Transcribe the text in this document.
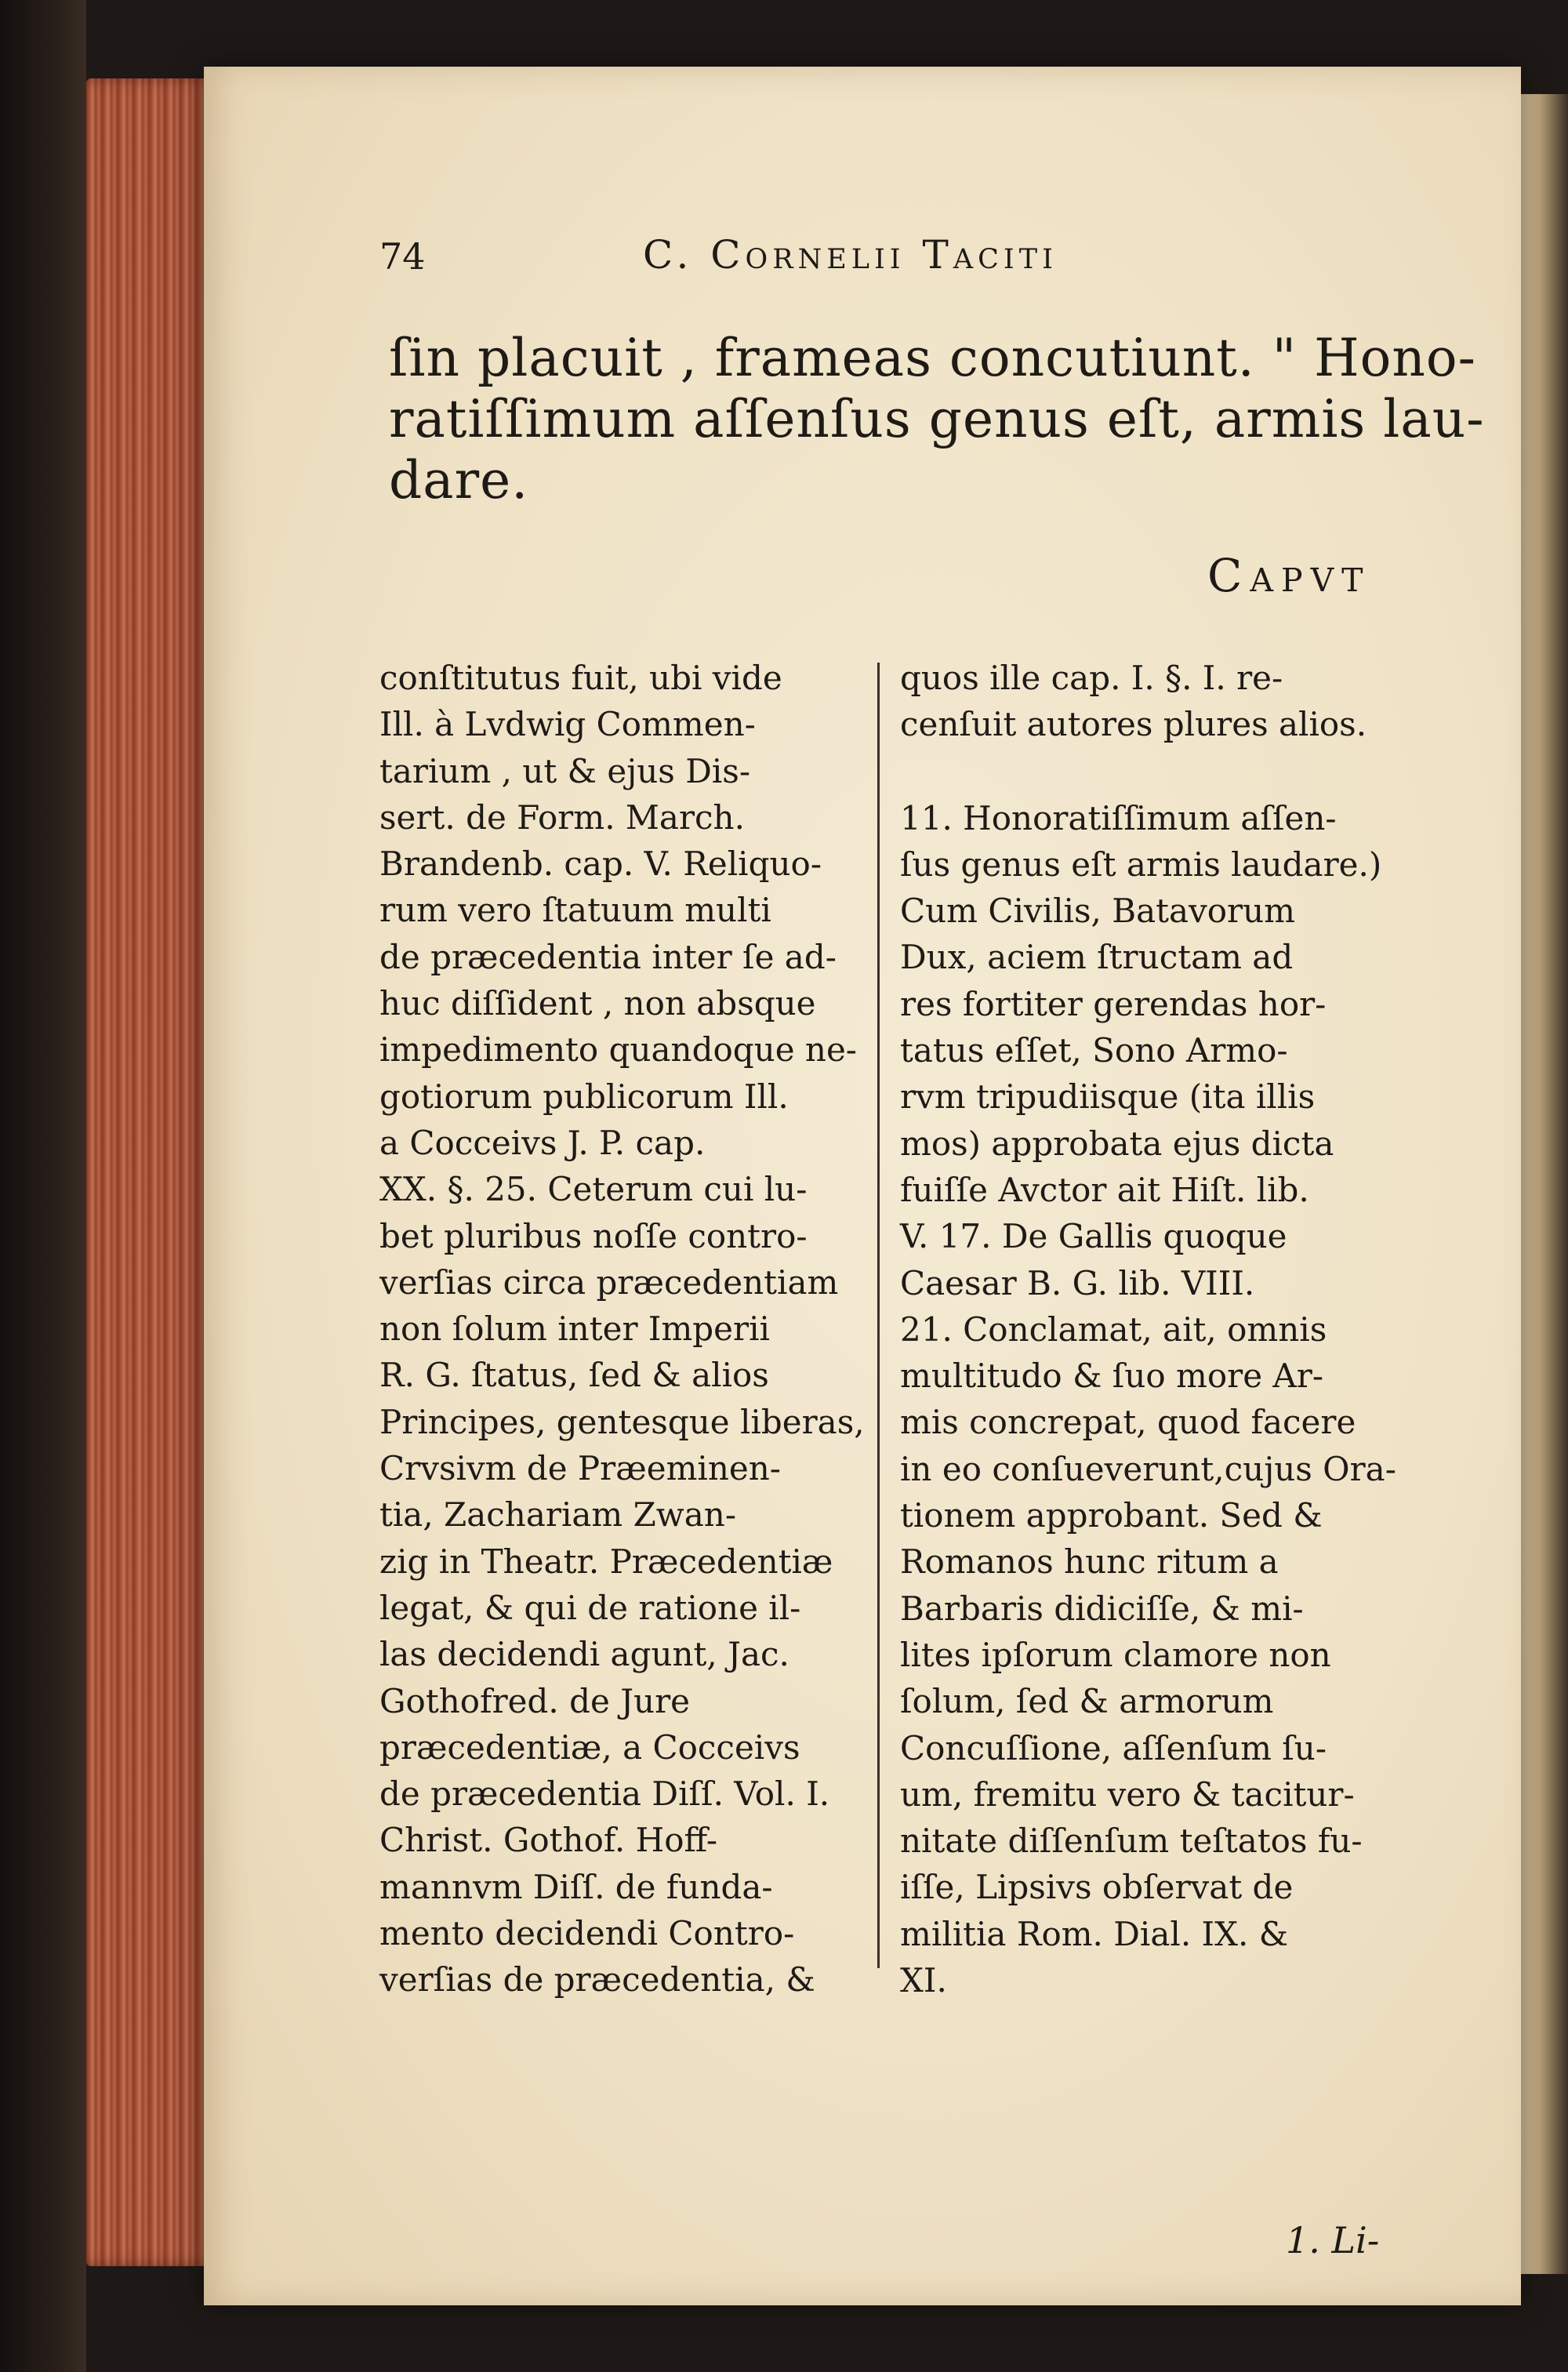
74	C. Cornelii Taciti
ſin placuit , frameas concutiunt. " Hono-
ratiſſimum aſſenſus genus eſt, armis lau-
dare.
Capvt
conſtitutus fuit, ubi vide
Ill. à Lvdwig Commen-
tarium , ut & ejus Dis-
sert. de Form. March.
Brandenb. cap. V. Reliquo-
rum vero ſtatuum multi
de præcedentia inter ſe ad-
huc diſſident , non absque
impedimento quandoque ne-
gotiorum publicorum Ill.
a Cocceivs J. P. cap.
XX. §. 25. Ceterum cui lu-
bet pluribus noſſe contro-
verſias circa præcedentiam
non ſolum inter Imperii
R. G. ſtatus, ſed & alios
Principes, gentesque liberas,
Crvsivm de Præeminen-
tia, Zachariam Zwan-
zig in Theatr. Præcedentiæ
legat, & qui de ratione il-
las decidendi agunt, Jac.
Gothofred. de Jure
præcedentiæ, a Cocceivs
de præcedentia Diſſ. Vol. I.
Christ. Gothof. Hoff-
mannvm Diſſ. de funda-
mento decidendi Contro-
verſias de præcedentia, &
quos ille cap. I. §. I. re-
cenſuit autores plures alios.
11. Honoratiſſimum aſſen-
ſus genus eſt armis laudare.)
Cum Civilis, Batavorum
Dux, aciem ſtructam ad
res fortiter gerendas hor-
tatus eſſet, Sono Armo-
rvm tripudiisque (ita illis
mos) approbata ejus dicta
fuiſſe Avctor ait Hiſt. lib.
V. 17. De Gallis quoque
Caesar B. G. lib. VIII.
21. Conclamat, ait, omnis
multitudo & ſuo more Ar-
mis concrepat, quod facere
in eo conſueverunt,cujus Ora-
tionem approbant. Sed &
Romanos hunc ritum a
Barbaris didiciſſe, & mi-
lites ipſorum clamore non
ſolum, ſed & armorum
Concuſſione, aſſenſum ſu-
um, fremitu vero & tacitur-
nitate diſſenſum teſtatos fu-
iſſe, Lipsivs obſervat de
militia Rom. Dial. IX. &
XI.
1. Li-
